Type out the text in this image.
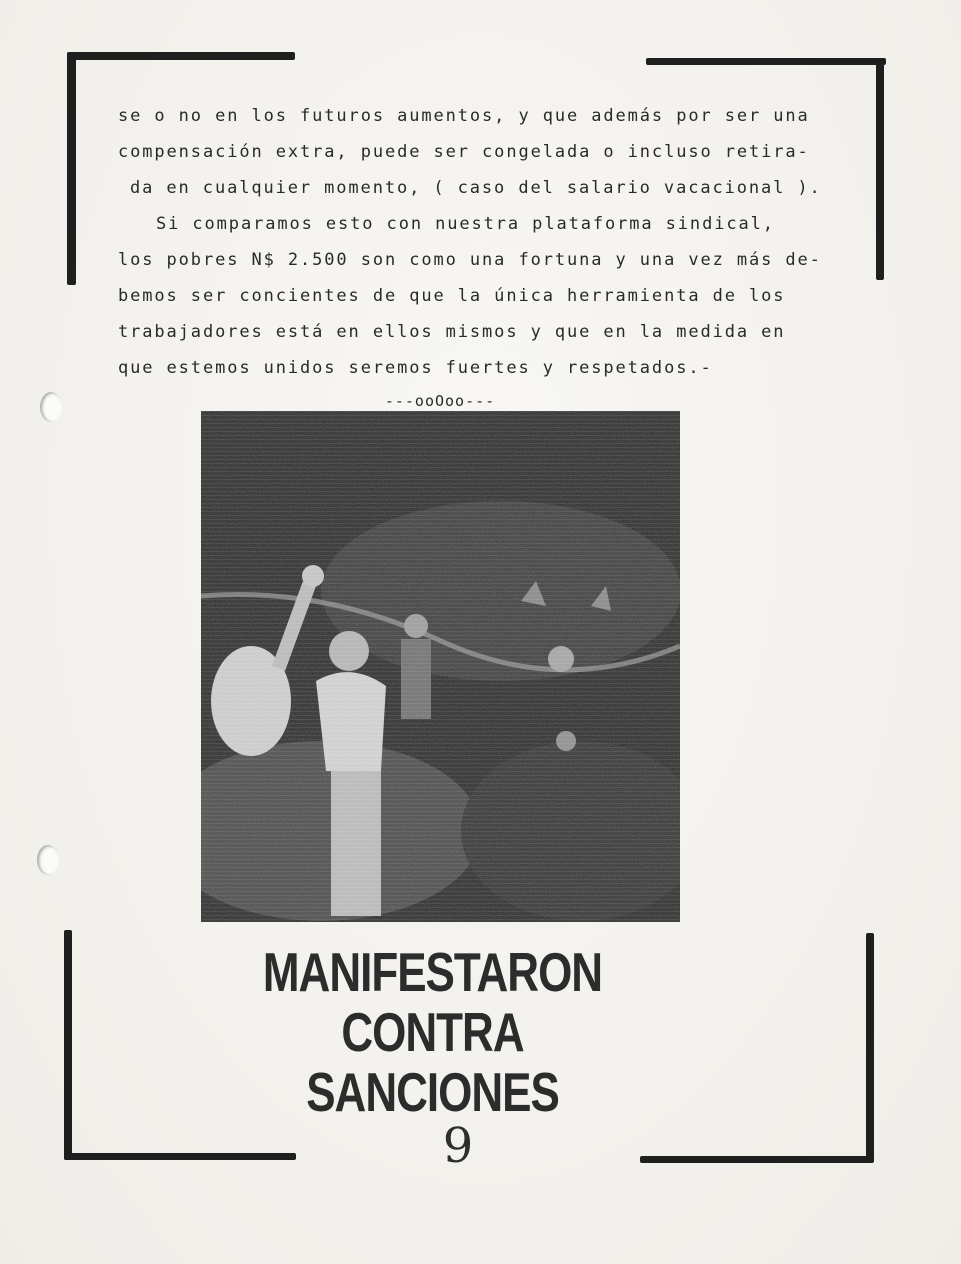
se o no en los futuros aumentos, y que además por ser una
compensación extra, puede ser congelada o incluso retira-
da en cualquier momento, ( caso del salario vacacional ).
Si comparamos esto con nuestra plataforma sindical,
los pobres N$ 2.500 son como una fortuna y una vez más de-
bemos ser concientes de que la única herramienta de los
trabajadores está en ellos mismos y que en la medida en
que estemos unidos seremos fuertes y respetados.-
---ooOoo---
MANIFESTARON
CONTRA
SANCIONES
9
